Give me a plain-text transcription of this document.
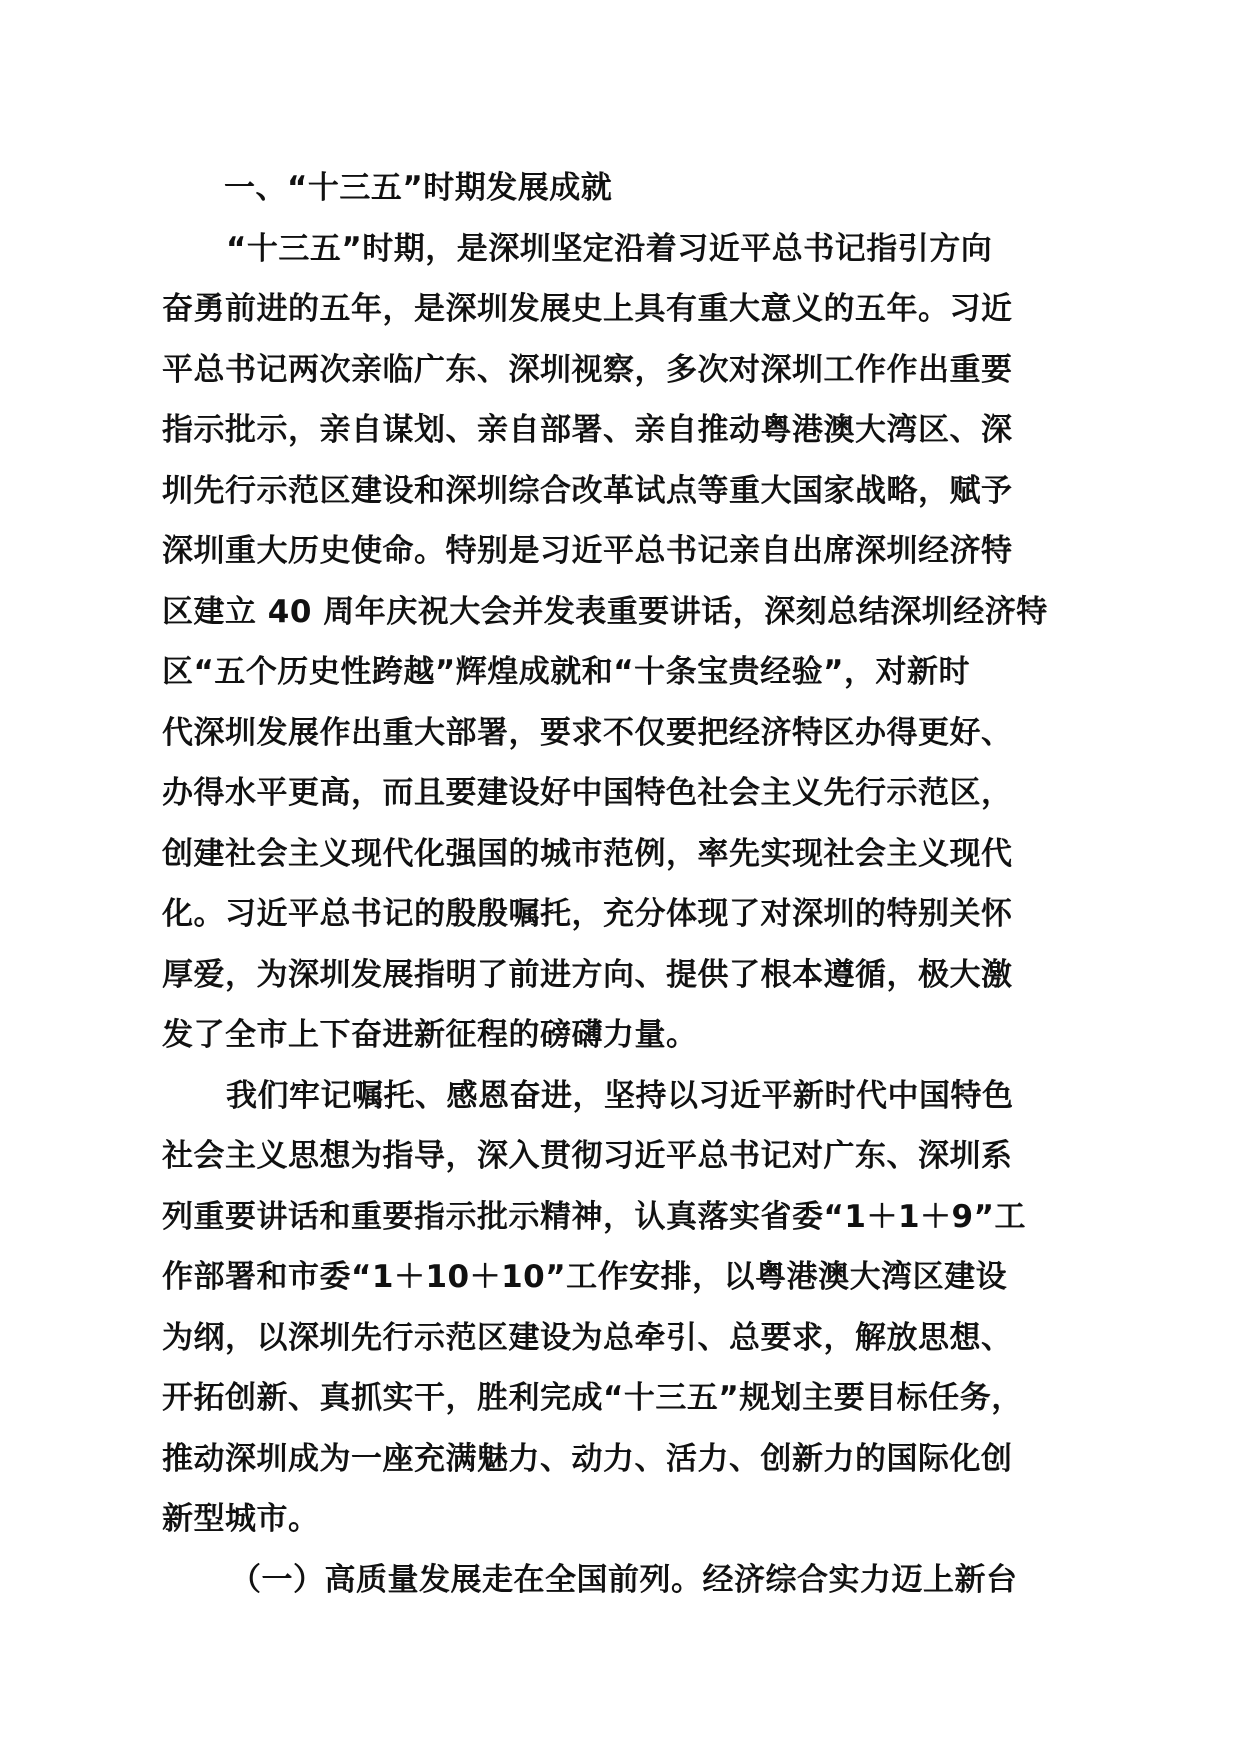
一、“十三五”时期发展成就
“十三五”时期，是深圳坚定沿着习近平总书记指引方向
奋勇前进的五年，是深圳发展史上具有重大意义的五年。习近
平总书记两次亲临广东、深圳视察，多次对深圳工作作出重要
指示批示，亲自谋划、亲自部署、亲自推动粤港澳大湾区、深
圳先行示范区建设和深圳综合改革试点等重大国家战略，赋予
深圳重大历史使命。特别是习近平总书记亲自出席深圳经济特
区建立 40 周年庆祝大会并发表重要讲话，深刻总结深圳经济特
区“五个历史性跨越”辉煌成就和“十条宝贵经验”，对新时
代深圳发展作出重大部署，要求不仅要把经济特区办得更好、
办得水平更高，而且要建设好中国特色社会主义先行示范区，
创建社会主义现代化强国的城市范例，率先实现社会主义现代
化。习近平总书记的殷殷嘱托，充分体现了对深圳的特别关怀
厚爱，为深圳发展指明了前进方向、提供了根本遵循，极大激
发了全市上下奋进新征程的磅礴力量。
我们牢记嘱托、感恩奋进，坚持以习近平新时代中国特色
社会主义思想为指导，深入贯彻习近平总书记对广东、深圳系
列重要讲话和重要指示批示精神，认真落实省委“1＋1＋9”工
作部署和市委“1＋10＋10”工作安排，以粤港澳大湾区建设
为纲，以深圳先行示范区建设为总牵引、总要求，解放思想、
开拓创新、真抓实干，胜利完成“十三五”规划主要目标任务，
推动深圳成为一座充满魅力、动力、活力、创新力的国际化创
新型城市。
（一）高质量发展走在全国前列。经济综合实力迈上新台
